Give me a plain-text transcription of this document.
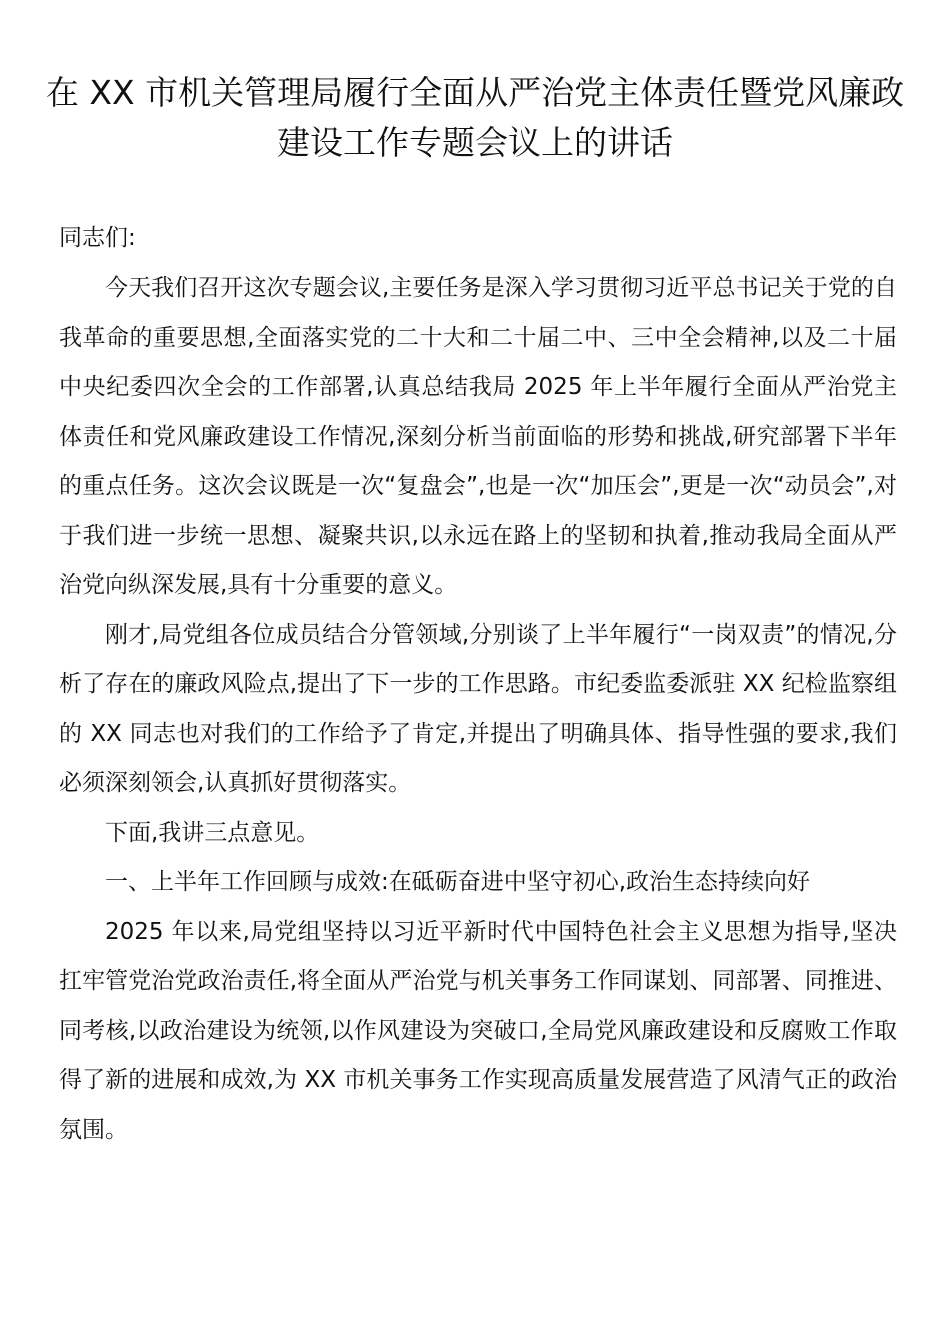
在 XX 市机关管理局履行全面从严治党主体责任暨党风廉政建设工作专题会议上的讲话

同志们:

今天我们召开这次专题会议,主要任务是深入学习贯彻习近平总书记关于党的自我革命的重要思想,全面落实党的二十大和二十届二中、三中全会精神,以及二十届中央纪委四次全会的工作部署,认真总结我局 2025 年上半年履行全面从严治党主体责任和党风廉政建设工作情况,深刻分析当前面临的形势和挑战,研究部署下半年的重点任务。这次会议既是一次“复盘会”,也是一次“加压会”,更是一次“动员会”,对于我们进一步统一思想、凝聚共识,以永远在路上的坚韧和执着,推动我局全面从严治党向纵深发展,具有十分重要的意义。

刚才,局党组各位成员结合分管领域,分别谈了上半年履行“一岗双责”的情况,分析了存在的廉政风险点,提出了下一步的工作思路。市纪委监委派驻 XX 纪检监察组的 XX 同志也对我们的工作给予了肯定,并提出了明确具体、指导性强的要求,我们必须深刻领会,认真抓好贯彻落实。

下面,我讲三点意见。

一、上半年工作回顾与成效:在砥砺奋进中坚守初心,政治生态持续向好

2025 年以来,局党组坚持以习近平新时代中国特色社会主义思想为指导,坚决扛牢管党治党政治责任,将全面从严治党与机关事务工作同谋划、同部署、同推进、同考核,以政治建设为统领,以作风建设为突破口,全局党风廉政建设和反腐败工作取得了新的进展和成效,为 XX 市机关事务工作实现高质量发展营造了风清气正的政治氛围。
